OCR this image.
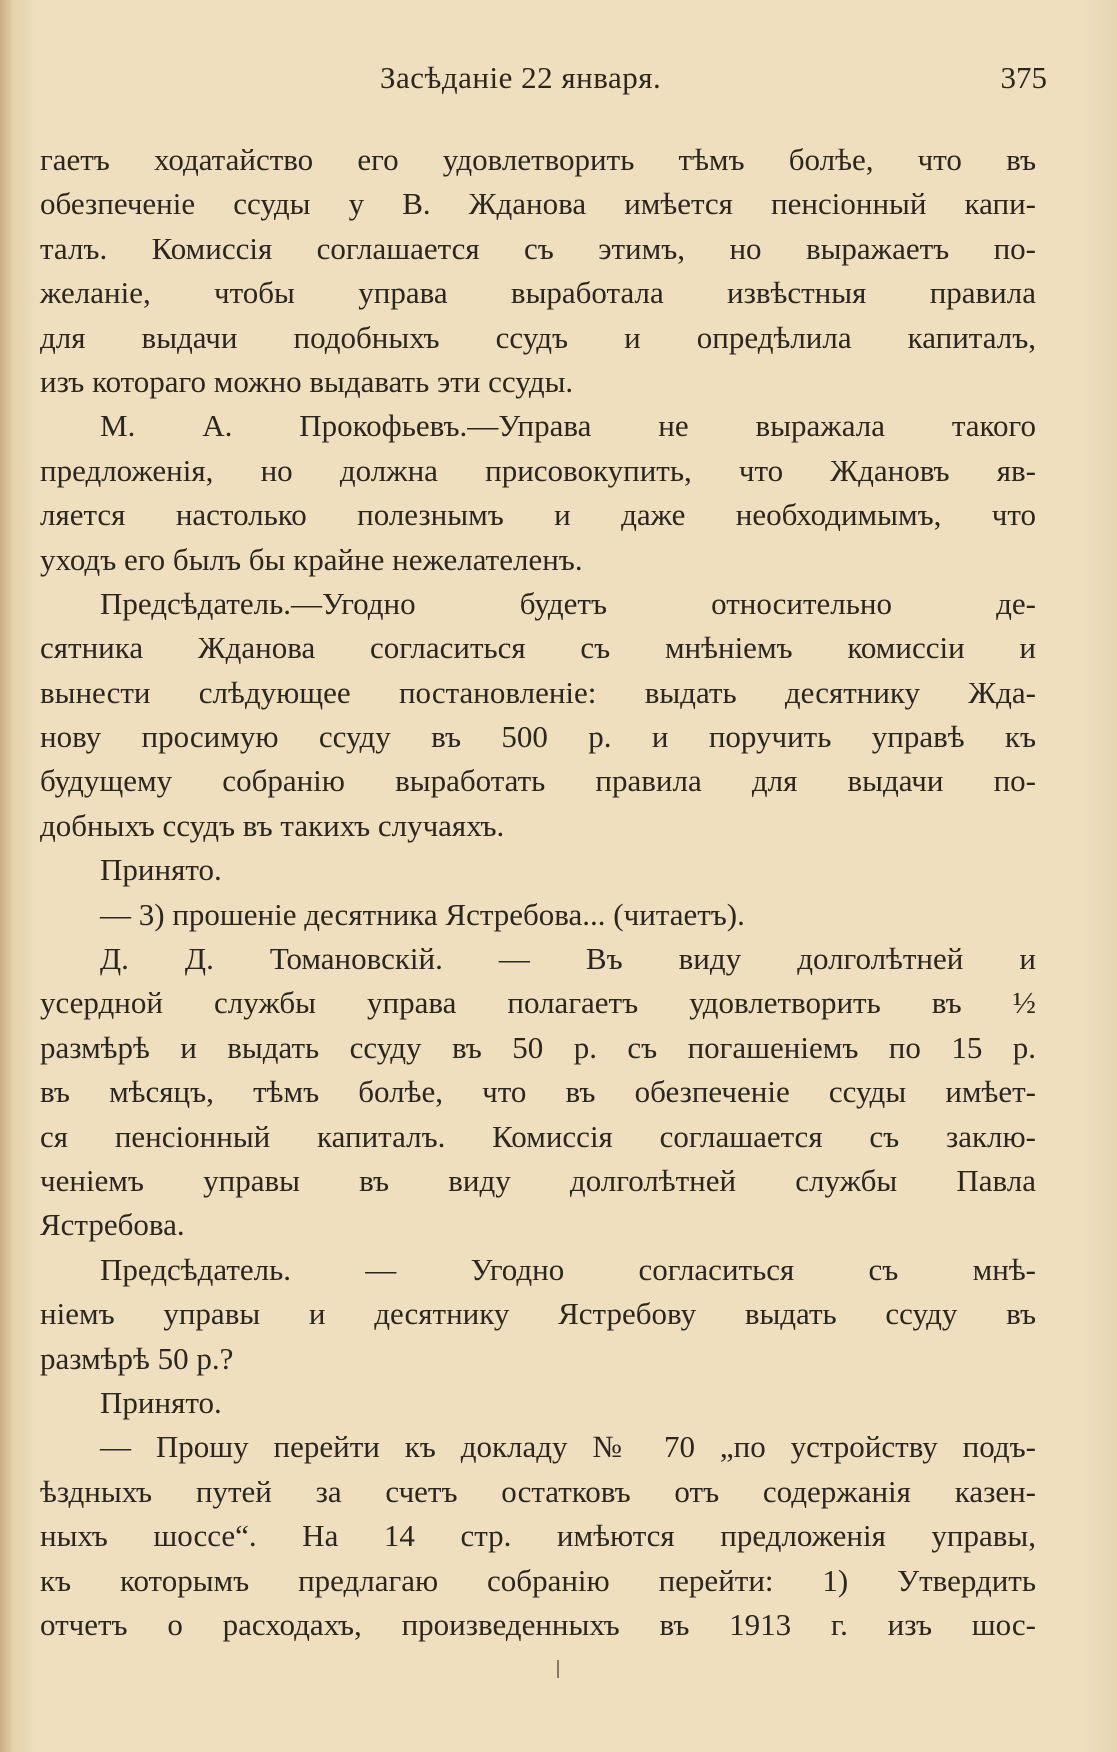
Засѣданіе 22 января.	375
гаетъ ходатайство его удовлетворить тѣмъ болѣе, что въ
обезпеченіе ссуды у В. Жданова имѣется пенсіонный капи-
талъ. Комиссія соглашается съ этимъ, но выражаетъ по-
желаніе, чтобы управа выработала извѣстныя правила
для выдачи подобныхъ ссудъ и опредѣлила капиталъ,
изъ котораго можно выдавать эти ссуды.
М. А. Прокофьевъ.—Управа не выражала такого
предложенія, но должна присовокупить, что Ждановъ яв-
ляется настолько полезнымъ и даже необходимымъ, что
уходъ его былъ бы крайне нежелателенъ.
Предсѣдатель.—Угодно будетъ относительно де-
сятника Жданова согласиться съ мнѣніемъ комиссіи и
вынести слѣдующее постановленіе: выдать десятнику Жда-
нову просимую ссуду въ 500 р. и поручить управѣ къ
будущему собранію выработать правила для выдачи по-
добныхъ ссудъ въ такихъ случаяхъ.
Принято.
— 3) прошеніе десятника Ястребова... (читаетъ).
Д. Д. Томановскій. — Въ виду долголѣтней и
усердной службы управа полагаетъ удовлетворить въ ½
размѣрѣ и выдать ссуду въ 50 р. съ погашеніемъ по 15 р.
въ мѣсяцъ, тѣмъ болѣе, что въ обезпеченіе ссуды имѣет-
ся пенсіонный капиталъ. Комиссія соглашается съ заклю-
ченіемъ управы въ виду долголѣтней службы Павла
Ястребова.
Предсѣдатель. — Угодно согласиться съ мнѣ-
ніемъ управы и десятнику Ястребову выдать ссуду въ
размѣрѣ 50 р.?
Принято.
— Прошу перейти къ докладу № 70 „по устройству подъ-
ѣздныхъ путей за счетъ остатковъ отъ содержанія казен-
ныхъ шоссе“. На 14 стр. имѣются предложенія управы,
къ которымъ предлагаю собранію перейти: 1) Утвердить
отчетъ о расходахъ, произведенныхъ въ 1913 г. изъ шос-
